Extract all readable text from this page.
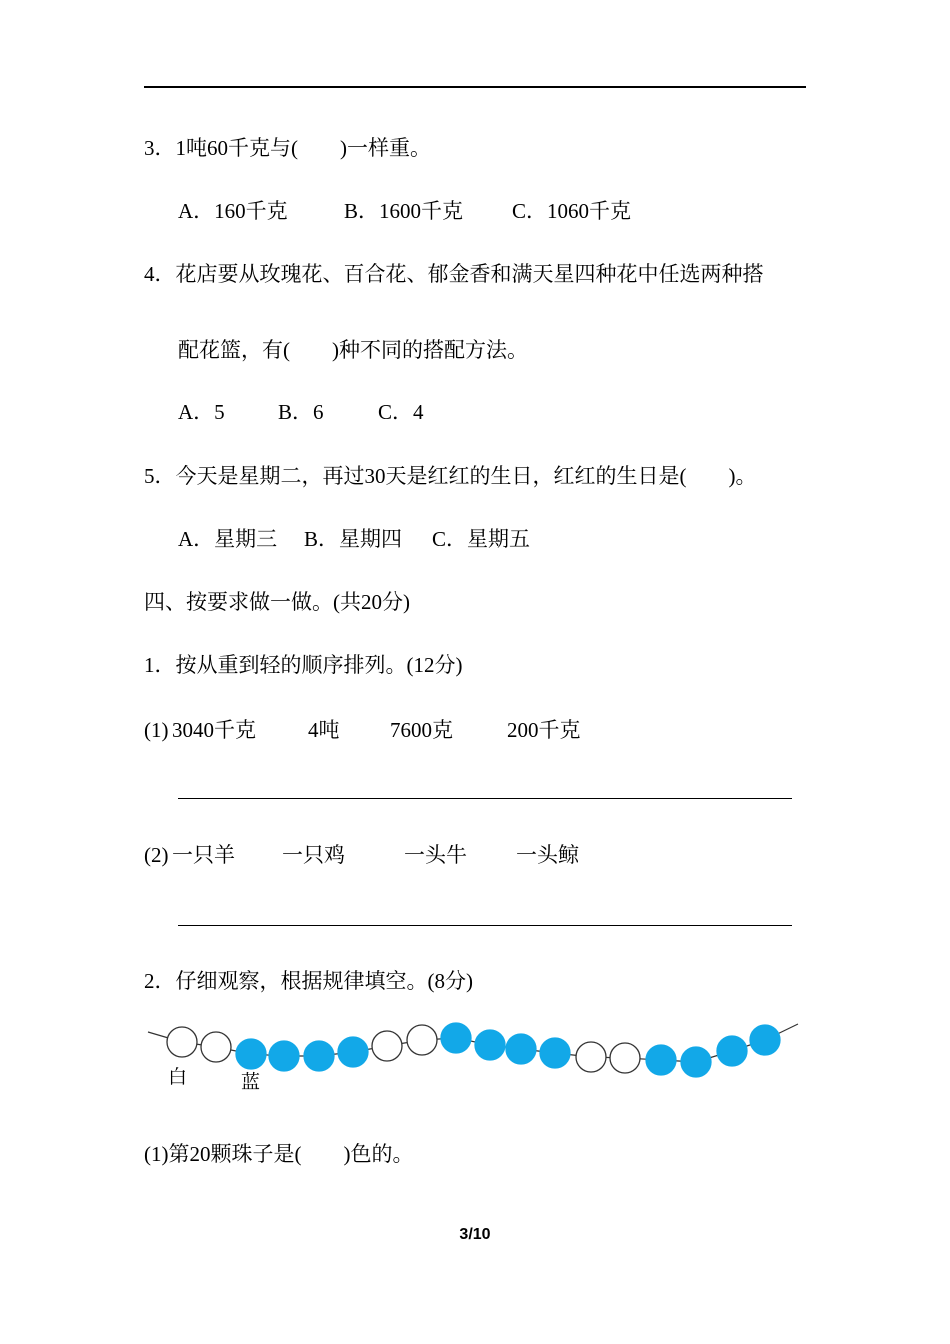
3．1吨60千克与(　　)一样重。
A．160千克	B．1600千克 C．1060千克
4．花店要从玫瑰花、百合花、郁金香和满天星四种花中任选两种搭
配花篮，有(　　)种不同的搭配方法。
A．5	B．6	C．4
5．今天是星期二，再过30天是红红的生日，红红的生日是(　　)。
A．星期三 B．星期四 C．星期五
四、按要求做一做。(共20分)
1．按从重到轻的顺序排列。(12分)
(1) 3040千克 4吨 7600克	200千克
(2) 一只羊 一只鸡	一头牛 一头鲸
2．仔细观察，根据规律填空。(8分)
白	蓝
(1)第20颗珠子是(　　)色的。
3/10
